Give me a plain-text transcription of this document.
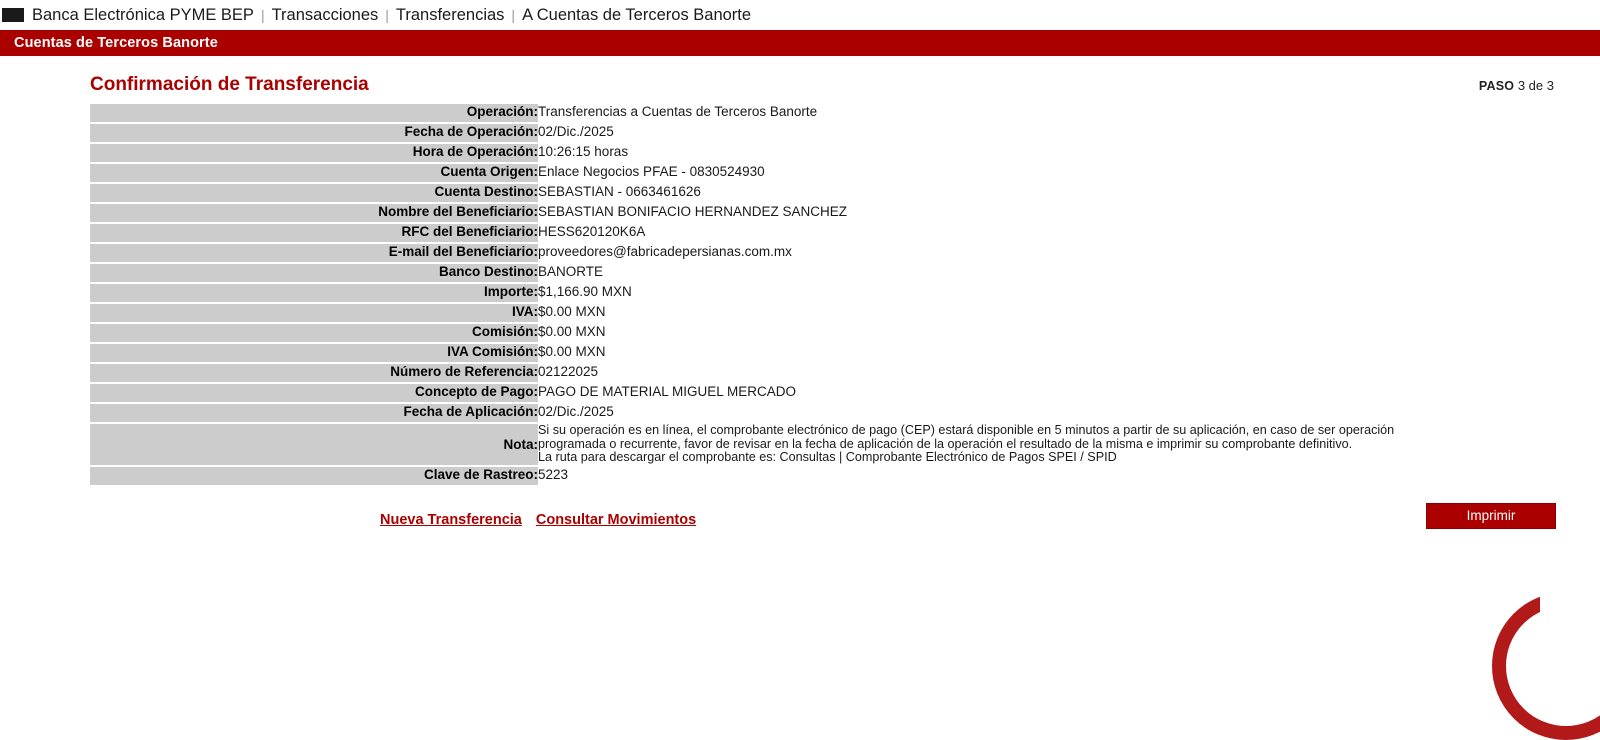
Banca Electrónica PYME BEP | Transacciones | Transferencias | A Cuentas de Terceros Banorte
Cuentas de Terceros Banorte
Confirmación de Transferencia	PASO 3 de 3
Operación:	Transferencias a Cuentas de Terceros Banorte
Fecha de Operación:	02/Dic./2025
Hora de Operación:	10:26:15 horas
Cuenta Origen:	Enlace Negocios PFAE - 0830524930
Cuenta Destino:	SEBASTIAN - 0663461626
Nombre del Beneficiario:	SEBASTIAN BONIFACIO HERNANDEZ SANCHEZ
RFC del Beneficiario:	HESS620120K6A
E-mail del Beneficiario:	proveedores@fabricadepersianas.com.mx
Banco Destino:	BANORTE
Importe:	$1,166.90 MXN
IVA:	$0.00 MXN
Comisión:	$0.00 MXN
IVA Comisión:	$0.00 MXN
Número de Referencia:	02122025
Concepto de Pago:	PAGO DE MATERIAL MIGUEL MERCADO
Fecha de Aplicación:	02/Dic./2025
Nota:	Si su operación es en línea, el comprobante electrónico de pago (CEP) estará disponible en 5 minutos a partir de su aplicación, en caso de ser operación
programada o recurrente, favor de revisar en la fecha de aplicación de la operación el resultado de la misma e imprimir su comprobante definitivo.
La ruta para descargar el comprobante es: Consultas | Comprobante Electrónico de Pagos SPEI / SPID

Clave de Rastreo:	5223
Nueva Transferencia Consultar Movimientos	Imprimir
